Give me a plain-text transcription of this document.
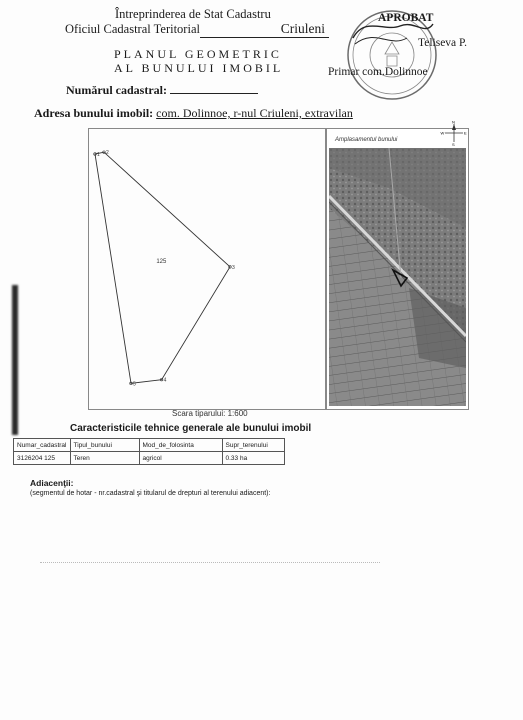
Întreprinderea de Stat Cadastru
Oficiul Cadastral Teritorial	Criuleni
PLANUL GEOMETRIC
AL BUNULUI IMOBIL
Numărul cadastral:
Adresa bunului imobil: com. Dolinnoe, r-nul Criuleni, extravilan
APROBAT
Teliseva P.
Primar com.Dolinnoe
1 2
3
4
5
125
Amplasamentul bunului
N
S
W	E
Scara tiparului: 1:600
Caracteristicile tehnice generale ale bunului imobil
Numar_cadastral	Tipul_bunului	Mod_de_folosinta	Supr_terenului
3126204 125	Teren	agricol	0.33 ha
Adiacenţii:
(segmentul de hotar - nr.cadastral şi titularul de drepturi al terenului adiacent):
